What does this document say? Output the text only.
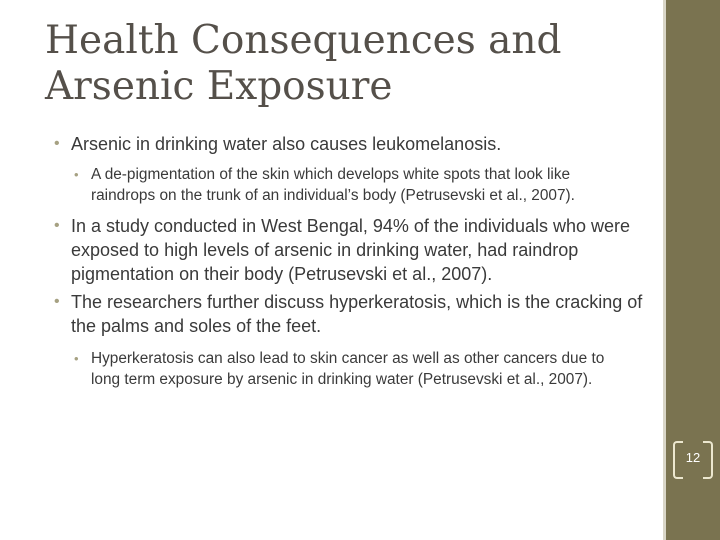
Health Consequences and
Arsenic Exposure
• Arsenic in drinking water also causes leukomelanosis.
• A de-pigmentation of the skin which develops white spots that look like raindrops on the trunk of an individual’s body (Petrusevski et al., 2007).
• In a study conducted in West Bengal, 94% of the individuals who were exposed to high levels of arsenic in drinking water, had raindrop pigmentation on their body (Petrusevski et al., 2007).
• The researchers further discuss hyperkeratosis, which is the cracking of the palms and soles of the feet.
• Hyperkeratosis can also lead to skin cancer as well as other cancers due to long term exposure by arsenic in drinking water (Petrusevski et al., 2007).
12
